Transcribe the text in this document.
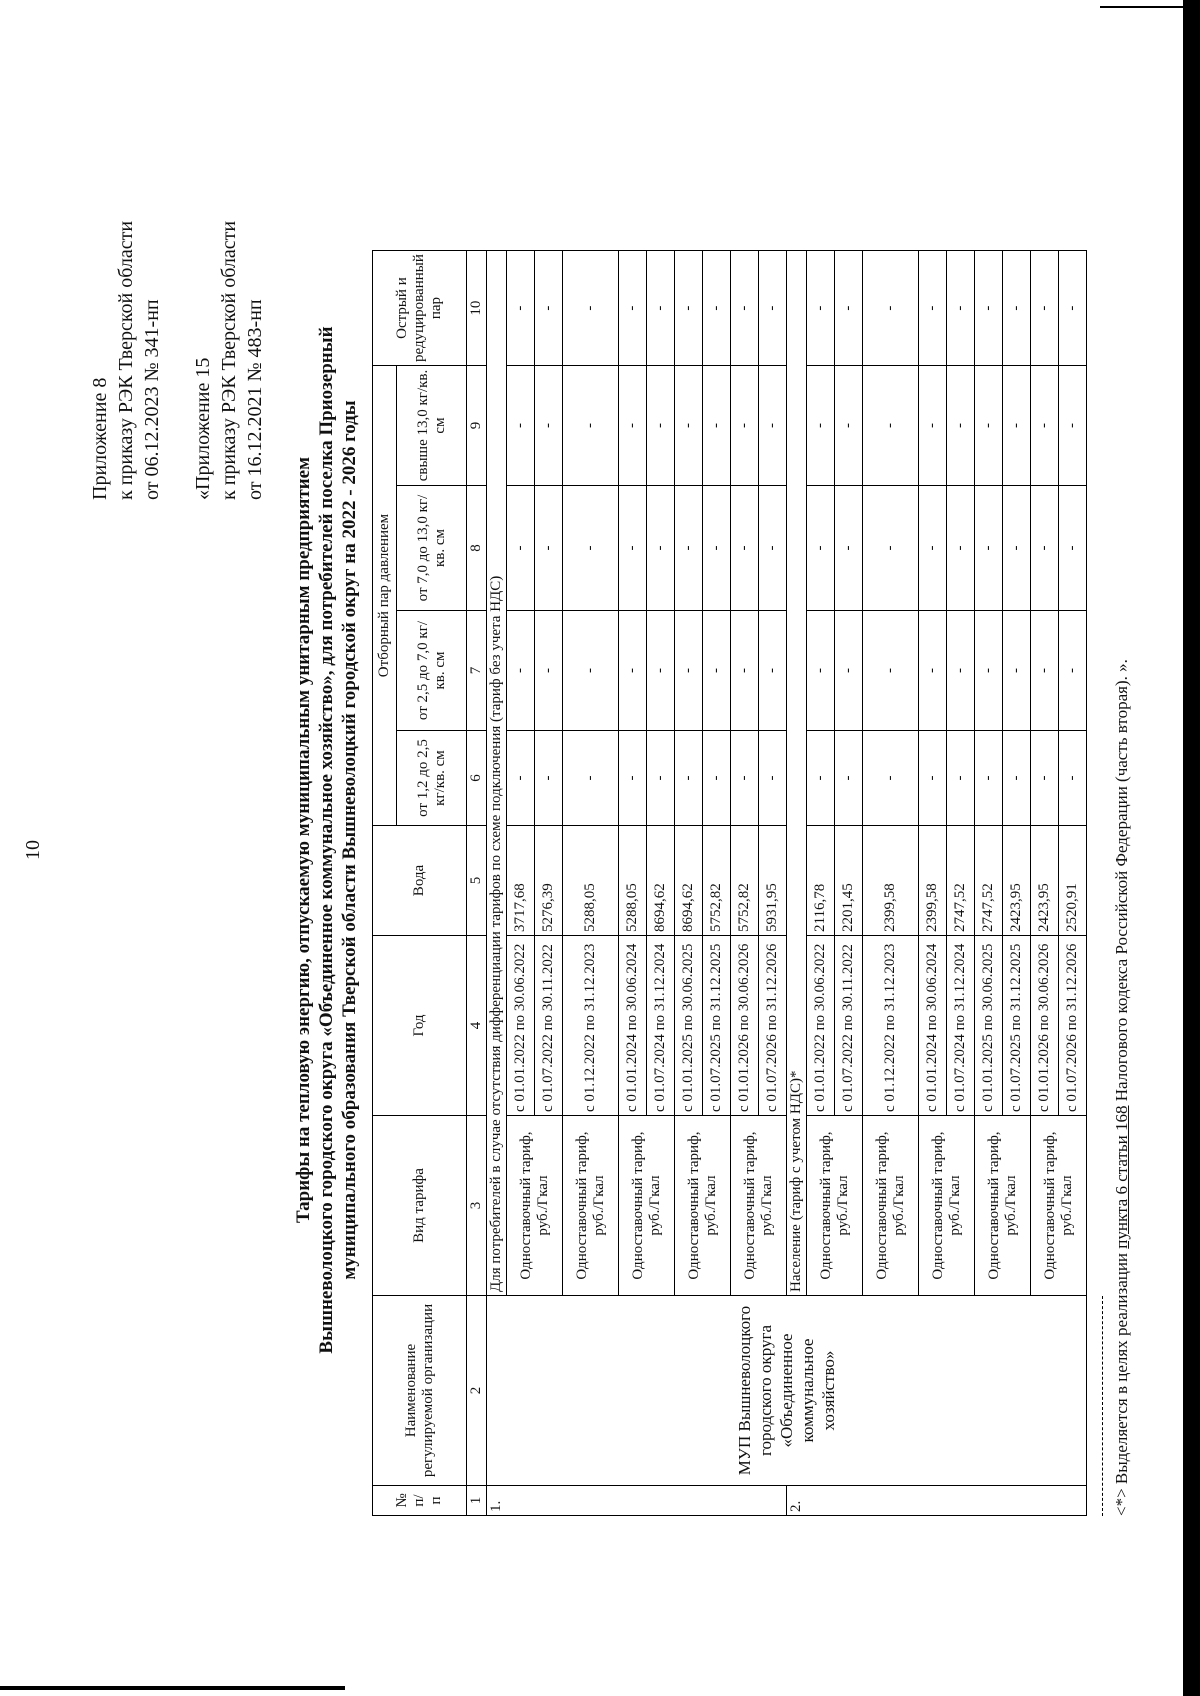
10
Приложение 8 к приказу РЭК Тверской области от 06.12.2023 № 341-нп «Приложение 15 к приказу РЭК Тверской области от 16.12.2021 № 483-нп
Тарифы на тепловую энергию, отпускаемую муниципальным унитарным предприятием Вышневолоцкого городского округа «Объединенное коммунальное хозяйство», для потребителей поселка Приозерный муниципального образования Тверской области Вышневолоцкий городской округ на 2022 - 2026 годы
№ п/ п	Наименование регулируемой организации	Вид тарифа	Год	Вода	Отборный пар давлением				Острый и редуцированный пар
					от 1,2 до 2,5 кг/кв. см	от 2,5 до 7,0 кг/кв. см	от 7,0 до 13,0 кг/кв. см	свыше 13,0 кг/кв. см	
1	2	3	4	5	6	7	8	9	10
1.	МУП Вышневолоцкого городского округа «Объединенное коммунальное хозяйство»	Для потребителей в случае отсутствия дифференциации тарифов по схеме подключения (тариф без учета НДС)							
		Одноставочный тариф, руб./Гкал	с 01.01.2022 по 30.06.2022	3717,68	-	-	-	-	-
			с 01.07.2022 по 30.11.2022	5276,39	-	-	-	-	-
		Одноставочный тариф, руб./Гкал	с 01.12.2022 по 31.12.2023	5288,05	-	-	-	-	-
		Одноставочный тариф, руб./Гкал	с 01.01.2024 по 30.06.2024	5288,05	-	-	-	-	-
			с 01.07.2024 по 31.12.2024	8694,62	-	-	-	-	-
		Одноставочный тариф, руб./Гкал	с 01.01.2025 по 30.06.2025	8694,62	-	-	-	-	-
			с 01.07.2025 по 31.12.2025	5752,82	-	-	-	-	-
		Одноставочный тариф, руб./Гкал	с 01.01.2026 по 30.06.2026	5752,82	-	-	-	-	-
			с 01.07.2026 по 31.12.2026	5931,95	-	-	-	-	-
2.		Население (тариф с учетом НДС)*							
		Одноставочный тариф, руб./Гкал	с 01.01.2022 по 30.06.2022	2116,78	-	-	-	-	-
			с 01.07.2022 по 30.11.2022	2201,45	-	-	-	-	-
		Одноставочный тариф, руб./Гкал	с 01.12.2022 по 31.12.2023	2399,58	-	-	-	-	-
		Одноставочный тариф, руб./Гкал	с 01.01.2024 по 30.06.2024	2399,58	-	-	-	-	-
			с 01.07.2024 по 31.12.2024	2747,52	-	-	-	-	-
		Одноставочный тариф, руб./Гкал	с 01.01.2025 по 30.06.2025	2747,52	-	-	-	-	-
			с 01.07.2025 по 31.12.2025	2423,95	-	-	-	-	-
		Одноставочный тариф, руб./Гкал	с 01.01.2026 по 30.06.2026	2423,95	-	-	-	-	-
			с 01.07.2026 по 31.12.2026	2520,91	-	-	-	-	-
<*> Выделяется в целях реализации пункта 6 статьи 168 Налогового кодекса Российской Федерации (часть вторая). ».
